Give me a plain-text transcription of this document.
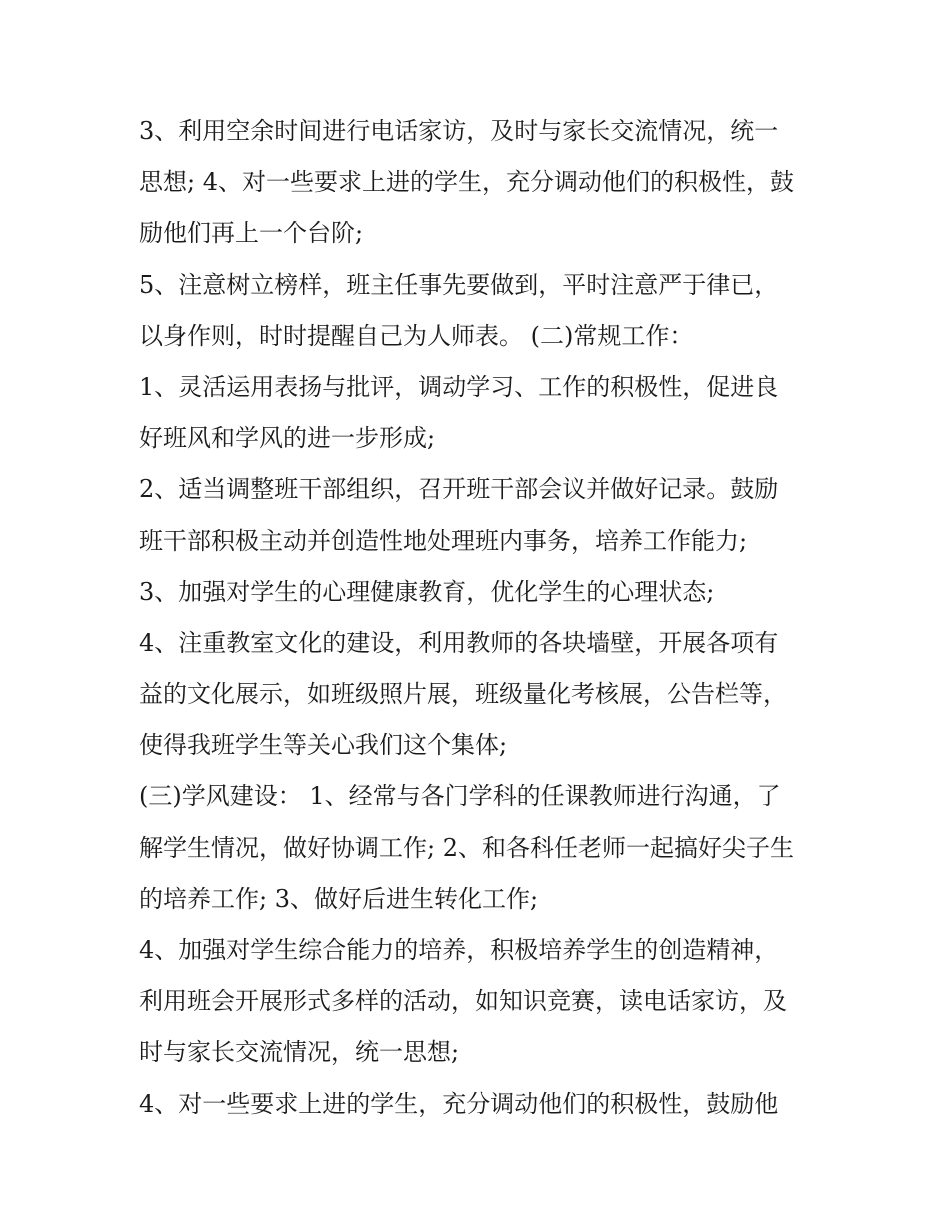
3、利用空余时间进行电话家访，及时与家长交流情况，统一
思想; 4、对一些要求上进的学生，充分调动他们的积极性，鼓
励他们再上一个台阶;
5、注意树立榜样，班主任事先要做到，平时注意严于律已，
以身作则，时时提醒自己为人师表。 (二)常规工作：
1、灵活运用表扬与批评，调动学习、工作的积极性，促进良
好班风和学风的进一步形成;
2、适当调整班干部组织，召开班干部会议并做好记录。鼓励
班干部积极主动并创造性地处理班内事务，培养工作能力;
3、加强对学生的心理健康教育，优化学生的心理状态;
4、注重教室文化的建设，利用教师的各块墙壁，开展各项有
益的文化展示，如班级照片展，班级量化考核展，公告栏等，
使得我班学生等关心我们这个集体;
(三)学风建设： 1、经常与各门学科的任课教师进行沟通，了
解学生情况，做好协调工作; 2、和各科任老师一起搞好尖子生
的培养工作; 3、做好后进生转化工作;
4、加强对学生综合能力的培养，积极培养学生的创造精神，
利用班会开展形式多样的活动，如知识竞赛，读电话家访，及
时与家长交流情况，统一思想;
4、对一些要求上进的学生，充分调动他们的积极性，鼓励他
